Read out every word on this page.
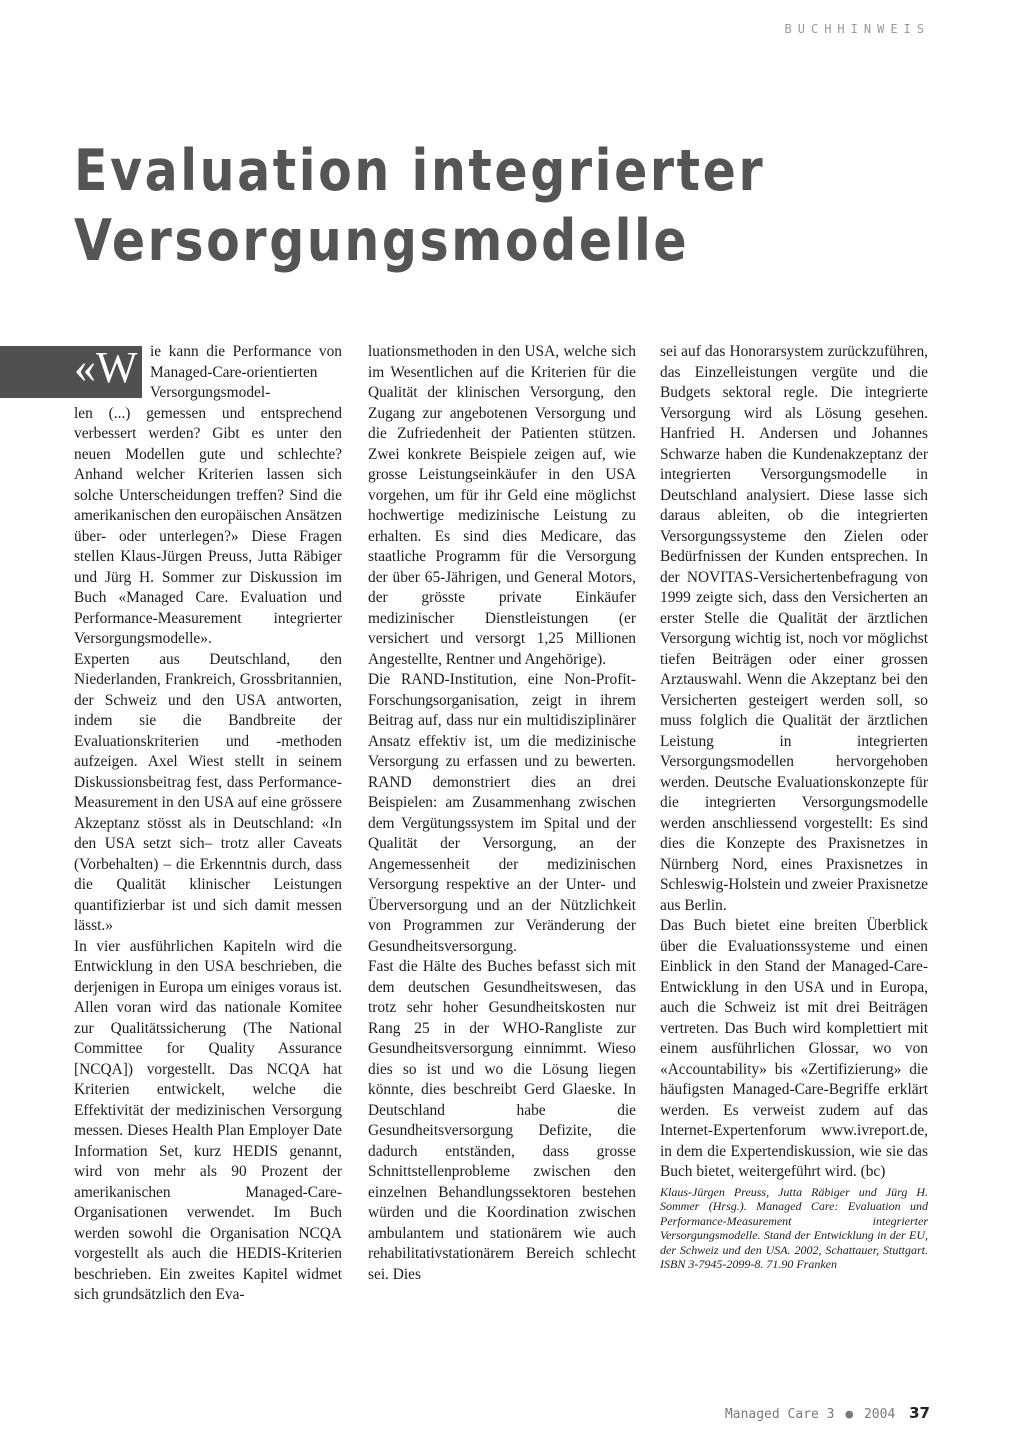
BUCHHINWEIS
Evaluation integrierter Versorgungsmodelle
«W ie kann die Performance von Managed-Care-orientierten Versorgungsmodel-

len (...) gemessen und entsprechend verbessert werden? Gibt es unter den neuen Modellen gute und schlechte? Anhand welcher Kriterien lassen sich solche Unterscheidungen treffen? Sind die amerikanischen den europäischen Ansätzen über- oder unterlegen?» Diese Fragen stellen Klaus-Jürgen Preuss, Jutta Räbiger und Jürg H. Sommer zur Diskussion im Buch «Managed Care. Evaluation und Performance-Measurement integrierter Versorgungsmodelle».

Experten aus Deutschland, den Niederlanden, Frankreich, Grossbritannien, der Schweiz und den USA antworten, indem sie die Bandbreite der Evaluationskriterien und -methoden aufzeigen. Axel Wiest stellt in seinem Diskussionsbeitrag fest, dass Performance-Measurement in den USA auf eine grössere Akzeptanz stösst als in Deutschland: «In den USA setzt sich– trotz aller Caveats (Vorbehalten) – die Erkenntnis durch, dass die Qualität klinischer Leistungen quantifizierbar ist und sich damit messen lässt.»

In vier ausführlichen Kapiteln wird die Entwicklung in den USA beschrieben, die derjenigen in Europa um einiges voraus ist. Allen voran wird das nationale Komitee zur Qualitätssicherung (The National Committee for Quality Assurance [NCQA]) vorgestellt. Das NCQA hat Kriterien entwickelt, welche die Effektivität der medizinischen Versorgung messen. Dieses Health Plan Employer Date Information Set, kurz HEDIS genannt, wird von mehr als 90 Prozent der amerikanischen Managed-Care-Organisationen verwendet. Im Buch werden sowohl die Organisation NCQA vorgestellt als auch die HEDIS-Kriterien beschrieben. Ein zweites Kapitel widmet sich grundsätzlich den Eva-

luationsmethoden in den USA, welche sich im Wesentlichen auf die Kriterien für die Qualität der klinischen Versorgung, den Zugang zur angebotenen Versorgung und die Zufriedenheit der Patienten stützen. Zwei konkrete Beispiele zeigen auf, wie grosse Leistungseinkäufer in den USA vorgehen, um für ihr Geld eine möglichst hochwertige medizinische Leistung zu erhalten. Es sind dies Medicare, das staatliche Programm für die Versorgung der über 65-Jährigen, und General Motors, der grösste private Einkäufer medizinischer Dienstleistungen (er versichert und versorgt 1,25 Millionen Angestellte, Rentner und Angehörige).

Die RAND-Institution, eine Non-Profit-Forschungsorganisation, zeigt in ihrem Beitrag auf, dass nur ein multidisziplinärer Ansatz effektiv ist, um die medizinische Versorgung zu erfassen und zu bewerten. RAND demonstriert dies an drei Beispielen: am Zusammenhang zwischen dem Vergütungssystem im Spital und der Qualität der Versorgung, an der Angemessenheit der medizinischen Versorgung respektive an der Unter- und Überversorgung und an der Nützlichkeit von Programmen zur Veränderung der Gesundheitsversorgung.

Fast die Hälte des Buches befasst sich mit dem deutschen Gesundheitswesen, das trotz sehr hoher Gesundheitskosten nur Rang 25 in der WHO-Rangliste zur Gesundheitsversorgung einnimmt. Wieso dies so ist und wo die Lösung liegen könnte, dies beschreibt Gerd Glaeske. In Deutschland habe die Gesundheitsversorgung Defizite, die dadurch entständen, dass grosse Schnittstellenprobleme zwischen den einzelnen Behandlungssektoren bestehen würden und die Koordination zwischen ambulantem und stationärem wie auch rehabilitativstationärem Bereich schlecht sei. Dies

sei auf das Honorarsystem zurückzuführen, das Einzelleistungen vergüte und die Budgets sektoral regle. Die integrierte Versorgung wird als Lösung gesehen. Hanfried H. Andersen und Johannes Schwarze haben die Kundenakzeptanz der integrierten Versorgungsmodelle in Deutschland analysiert. Diese lasse sich daraus ableiten, ob die integrierten Versorgungssysteme den Zielen oder Bedürfnissen der Kunden entsprechen. In der NOVITAS-Versichertenbefragung von 1999 zeigte sich, dass den Versicherten an erster Stelle die Qualität der ärztlichen Versorgung wichtig ist, noch vor möglichst tiefen Beiträgen oder einer grossen Arztauswahl. Wenn die Akzeptanz bei den Versicherten gesteigert werden soll, so muss folglich die Qualität der ärztlichen Leistung in integrierten Versorgungsmodellen hervorgehoben werden. Deutsche Evaluationskonzepte für die integrierten Versorgungsmodelle werden anschliessend vorgestellt: Es sind dies die Konzepte des Praxisnetzes in Nürnberg Nord, eines Praxisnetzes in Schleswig-Holstein und zweier Praxisnetze aus Berlin.

Das Buch bietet eine breiten Überblick über die Evaluationssysteme und einen Einblick in den Stand der Managed-Care-Entwicklung in den USA und in Europa, auch die Schweiz ist mit drei Beiträgen vertreten. Das Buch wird komplettiert mit einem ausführlichen Glossar, wo von «Accountability» bis «Zertifizierung» die häufigsten Managed-Care-Begriffe erklärt werden. Es verweist zudem auf das Internet-Expertenforum www.ivreport.de, in dem die Expertendiskussion, wie sie das Buch bietet, weitergeführt wird. (bc)

Klaus-Jürgen Preuss, Jutta Räbiger und Jürg H. Sommer (Hrsg.). Managed Care: Evaluation und Performance-Measurement integrierter Versorgungsmodelle. Stand der Entwicklung in der EU, der Schweiz und den USA. 2002, Schattauer, Stuttgart. ISBN 3-7945-2099-8. 71.90 Franken

Managed Care 3 ● 2004 37
